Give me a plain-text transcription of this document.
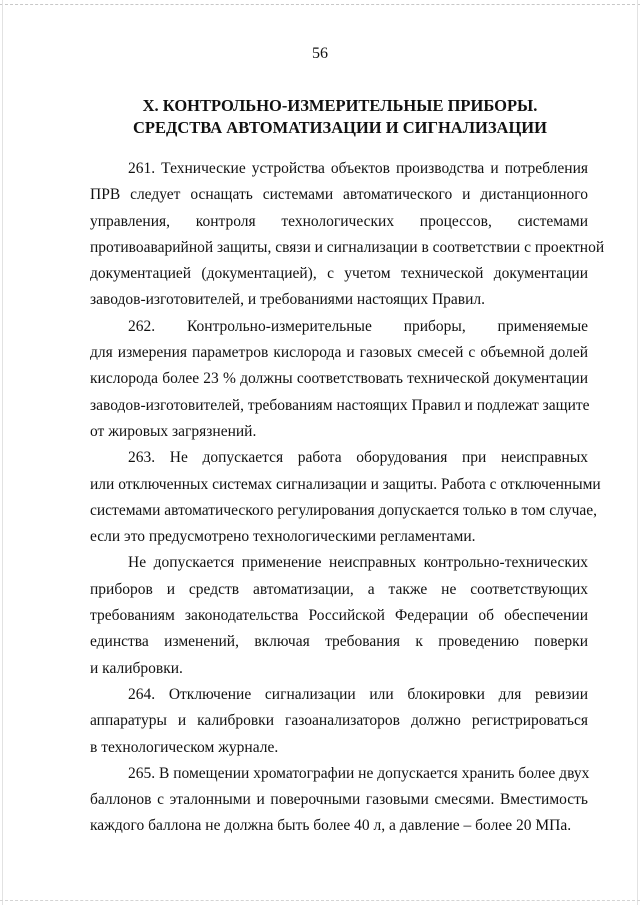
56
X. КОНТРОЛЬНО-ИЗМЕРИТЕЛЬНЫЕ ПРИБОРЫ.
СРЕДСТВА АВТОМАТИЗАЦИИ И СИГНАЛИЗАЦИИ
261. Технические устройства объектов производства и потребления
ПРВ следует оснащать системами автоматического и дистанционного
управления, контроля технологических процессов, системами
противоаварийной защиты, связи и сигнализации в соответствии с проектной
документацией (документацией), с учетом технической документации
заводов-изготовителей, и требованиями настоящих Правил.
262. Контрольно-измерительные приборы, применяемые
для измерения параметров кислорода и газовых смесей с объемной долей
кислорода более 23 % должны соответствовать технической документации
заводов-изготовителей, требованиям настоящих Правил и подлежат защите
от жировых загрязнений.
263. Не допускается работа оборудования при неисправных
или отключенных системах сигнализации и защиты. Работа с отключенными
системами автоматического регулирования допускается только в том случае,
если это предусмотрено технологическими регламентами.
Не допускается применение неисправных контрольно-технических
приборов и средств автоматизации, а также не соответствующих
требованиям законодательства Российской Федерации об обеспечении
единства изменений, включая требования к проведению поверки
и калибровки.
264. Отключение сигнализации или блокировки для ревизии
аппаратуры и калибровки газоанализаторов должно регистрироваться
в технологическом журнале.
265. В помещении хроматографии не допускается хранить более двух
баллонов с эталонными и поверочными газовыми смесями. Вместимость
каждого баллона не должна быть более 40 л, а давление – более 20 МПа.
